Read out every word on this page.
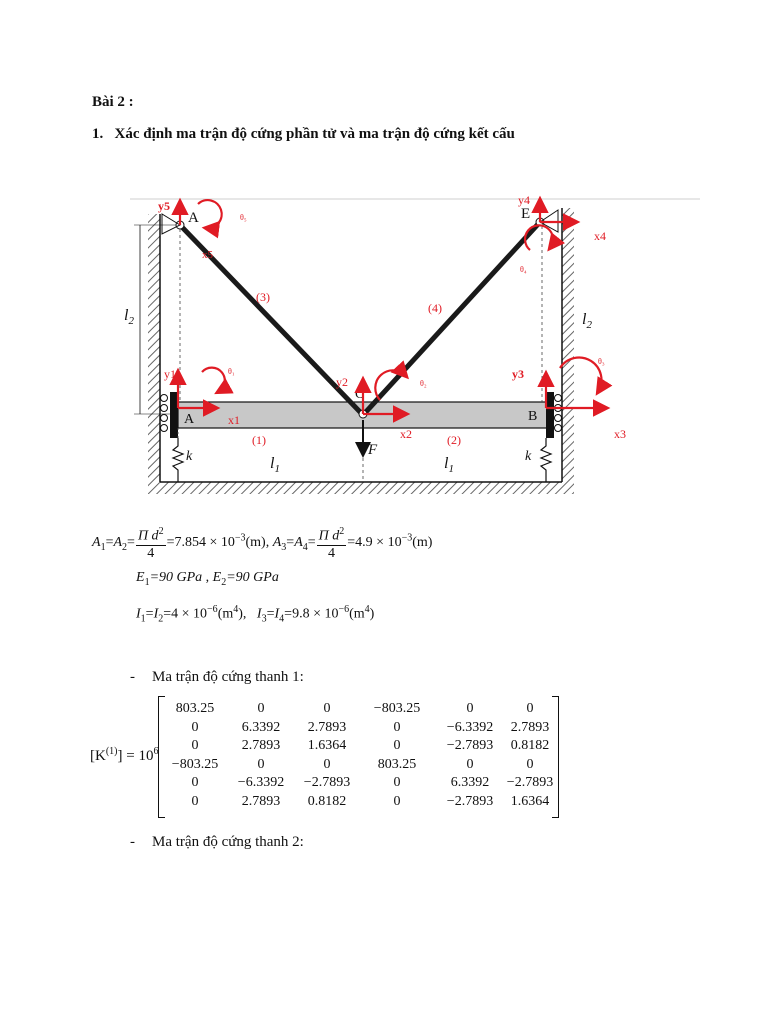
Bài 2 :
1. Xác định ma trận độ cứng phần tử và ma trận độ cứng kết cấu
A	E
A	B
C
(3)
(4)
(1)	(2)
$l_2$	$l_2$
$l_1$	$l_1$
F
k	k
y5
θ₅
x5
y4
x4
θ₄
y1
x1
θ₁
y2
x2
θ₂
y3
x3
θ₃
$A_1=A_2= \frac{\Pi d^2}{4} =7.854 \times 10^{-3}(m)$, $A_3=A_4= \frac{\Pi d^2}{4} =4.9 \times 10^{-3}(m)$
$E_1=90$ GPa , $E_2=90$ GPa
$I_1=I_2=4 \times 10^{-6}(m^4)$, $I_3=I_4=9.8 \times 10^{-6}(m^4)$
- Ma trận độ cứng thanh 1:
$[K^{(1)}] = 10^6$
803.25	0	0	−803.25	0	0
0	6.3392	2.7893	0	−6.3392	2.7893
0	2.7893	1.6364	0	−2.7893	0.8182
−803.25	0	0	803.25	0	0
0	−6.3392	−2.7893	0	6.3392	−2.7893
0	2.7893	0.8182	0	−2.7893	1.6364
- Ma trận độ cứng thanh 2:
